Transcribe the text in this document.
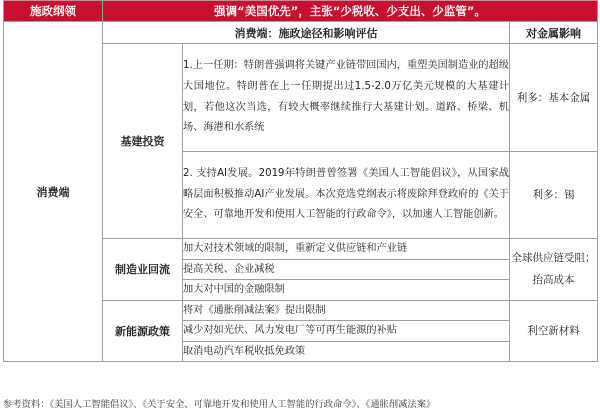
施政纲领	强调“美国优先”，主张“少税收、少支出、少监管”。		
消费端	消费端：施政途径和影响评估		对金属影响
	基建投资	1.上一任期：特朗普强调将关键产业链带回国内，重塑美国制造业的超级大国地位。特朗普在上一任期提出过1.5-2.0万亿美元规模的大基建计划，若他这次当选，有较大概率继续推行大基建计划。道路、桥梁、机场、海港和水系统	利多：基本金属
		2. 支持AI发展。2019年特朗普曾签署《美国人工智能倡议》，从国家战略层面积极推动AI产业发展。本次竞选党纲表示将废除拜登政府的《关于安全、可靠地开发和使用人工智能的行政命令》，以加速人工智能创新。	利多：锡
	制造业回流	加大对技术领域的限制，重新定义供应链和产业链	全球供应链受阻；抬高成本
		提高关税、企业减税	
		加大对中国的金融限制	
	新能源政策	将对《通胀削减法案》提出限制	利空新材料
		减少对如光伏、风力发电厂等可再生能源的补贴	
		取消电动汽车税收抵免政策	
参考资料：《美国人工智能倡议》、《关于安全、可靠地开发和使用人工智能的行政命令》、《通胀削减法案》
